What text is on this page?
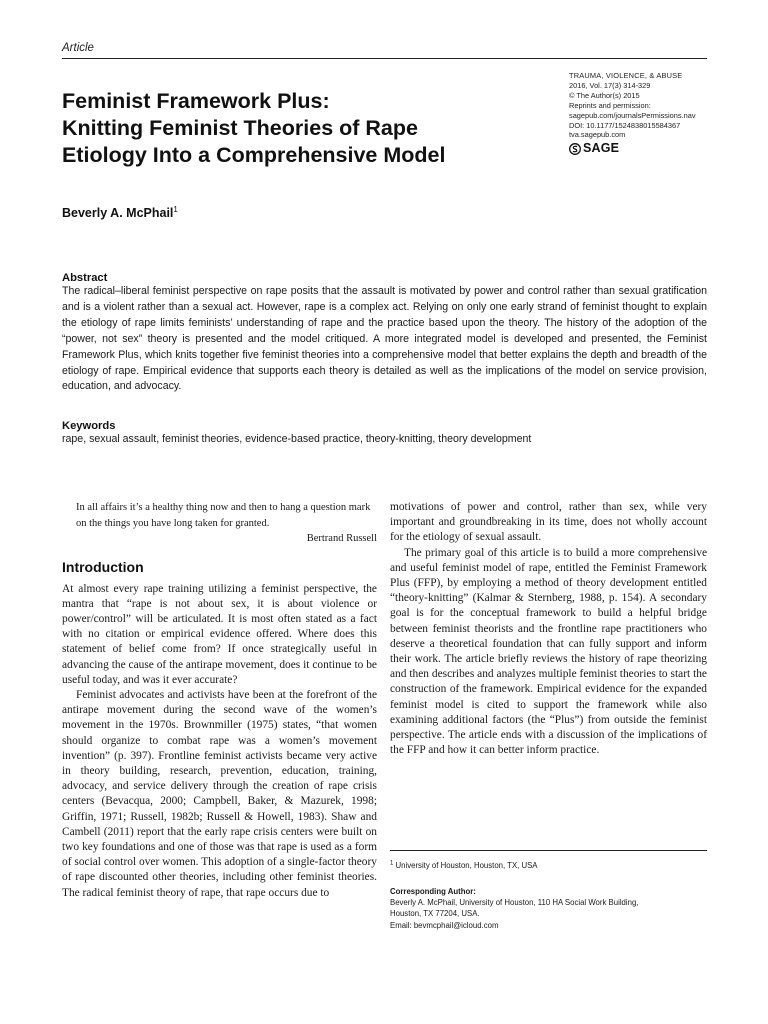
Article
Feminist Framework Plus:
Knitting Feminist Theories of Rape
Etiology Into a Comprehensive Model
TRAUMA, VIOLENCE, & ABUSE
2016, Vol. 17(3) 314-329
© The Author(s) 2015
Reprints and permission:
sagepub.com/journalsPermissions.nav
DOI: 10.1177/1524838015584367
tva.sagepub.com
SAGE
Beverly A. McPhail$^1$
Abstract

The radical–liberal feminist perspective on rape posits that the assault is motivated by power and control rather than sexual gratification and is a violent rather than a sexual act. However, rape is a complex act. Relying on only one early strand of feminist thought to explain the etiology of rape limits feminists’ understanding of rape and the practice based upon the theory. The history of the adoption of the “power, not sex” theory is presented and the model critiqued. A more integrated model is developed and presented, the Feminist Framework Plus, which knits together five feminist theories into a comprehensive model that better explains the depth and breadth of the etiology of rape. Empirical evidence that supports each theory is detailed as well as the implications of the model on service provision, education, and advocacy.

Keywords
rape, sexual assault, feminist theories, evidence-based practice, theory-knitting, theory development
In all affairs it’s a healthy thing now and then to hang a question mark on the things you have long taken for granted.
Bertrand Russell
Introduction

At almost every rape training utilizing a feminist perspective, the mantra that “rape is not about sex, it is about violence or power/control” will be articulated. It is most often stated as a fact with no citation or empirical evidence offered. Where does this statement of belief come from? If once strategically useful in advancing the cause of the antirape movement, does it continue to be useful today, and was it ever accurate?

Feminist advocates and activists have been at the forefront of the antirape movement during the second wave of the women’s movement in the 1970s. Brownmiller (1975) states, “that women should organize to combat rape was a women’s movement invention” (p. 397). Frontline feminist activists became very active in theory building, research, prevention, education, training, advocacy, and service delivery through the creation of rape crisis centers (Bevacqua, 2000; Campbell, Baker, & Mazurek, 1998; Griffin, 1971; Russell, 1982b; Russell & Howell, 1983). Shaw and Cambell (2011) report that the early rape crisis centers were built on two key foundations and one of those was that rape is used as a form of social control over women. This adoption of a single-factor theory of rape discounted other theories, including other feminist theories. The radical feminist theory of rape, that rape occurs due to

motivations of power and control, rather than sex, while very important and groundbreaking in its time, does not wholly account for the etiology of sexual assault.

The primary goal of this article is to build a more comprehensive and useful feminist model of rape, entitled the Feminist Framework Plus (FFP), by employing a method of theory development entitled “theory-knitting” (Kalmar & Sternberg, 1988, p. 154). A secondary goal is for the conceptual framework to build a helpful bridge between feminist theorists and the frontline rape practitioners who deserve a theoretical foundation that can fully support and inform their work. The article briefly reviews the history of rape theorizing and then describes and analyzes multiple feminist theories to start the construction of the framework. Empirical evidence for the expanded feminist model is cited to support the framework while also examining additional factors (the “Plus”) from outside the feminist perspective. The article ends with a discussion of the implications of the FFP and how it can better inform practice.

$^1$ University of Houston, Houston, TX, USA
Corresponding Author:
Beverly A. McPhail, University of Houston, 110 HA Social Work Building,
Houston, TX 77204, USA.
Email: bevmcphail@icloud.com
